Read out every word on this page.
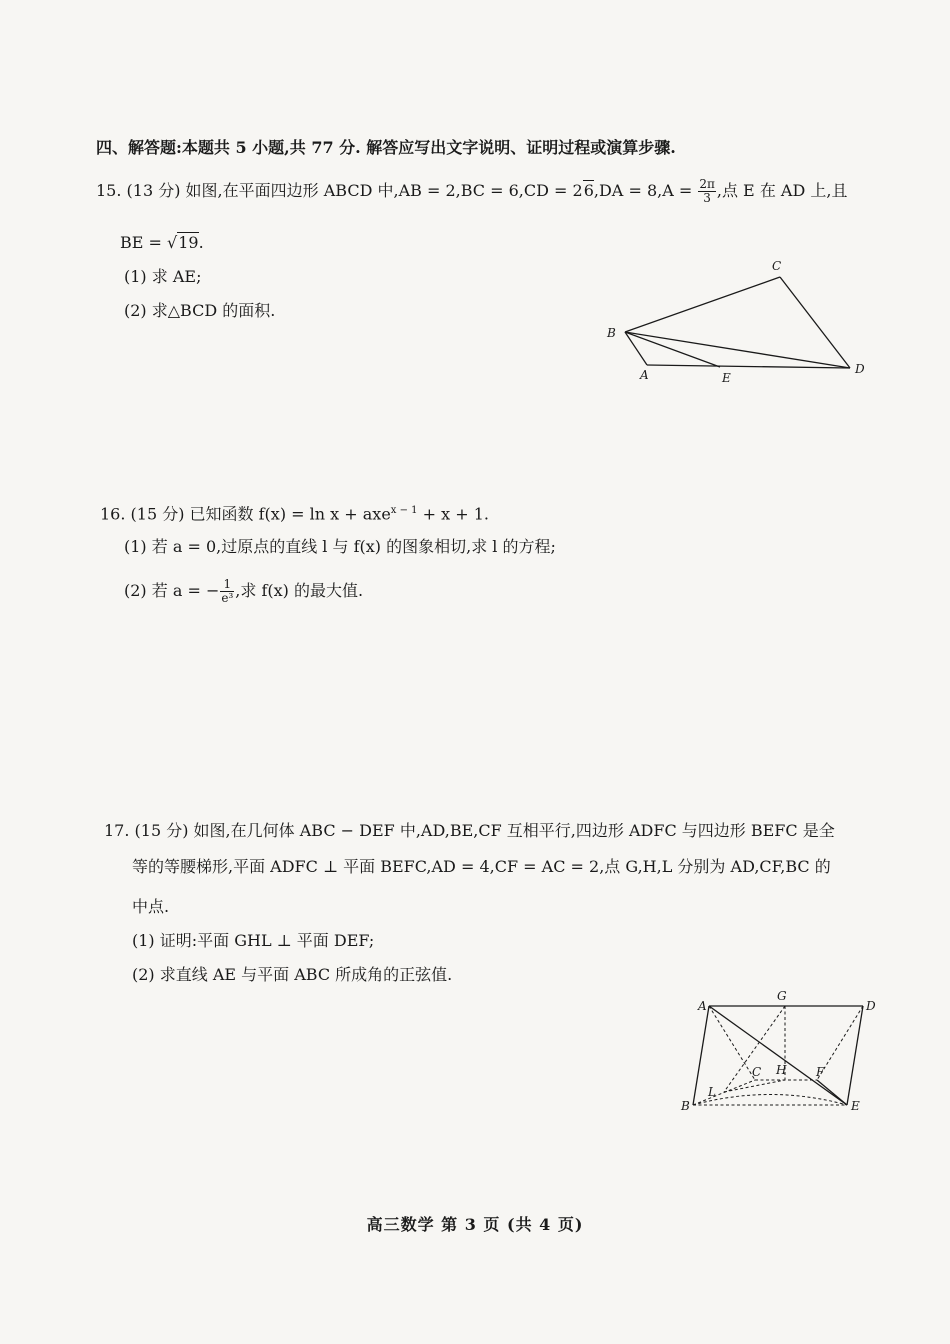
四、解答题:本题共 5 小题,共 77 分. 解答应写出文字说明、证明过程或演算步骤.
15. (13 分) 如图,在平面四边形 ABCD 中$,AB = 2,BC = 6,CD = 26,DA = 8,A = \frac{2\pi}{3}$ ,点 E 在 AD 上,且
BE = √19.
(1) 求 AE;
(2) 求△BCD 的面积.
B
C
A	E
D
16. (15 分) 已知函数 f(x) = ln x + axe$^{x - 1}$ + x + 1.
(1) 若 a = 0,过原点的直线 l 与 f(x) 的图象相切,求 l 的方程;
(2) 若 a = − $\frac{1}{\text{e³}}$ ,求 f(x) 的最大值.
17. (15 分) 如图,在几何体 ABC − DEF 中,AD,BE,CF 互相平行,四边形 ADFC 与四边形 BEFC 是全
等的等腰梯形,平面 ADFC ⊥ 平面 BEFC,AD = 4,CF = AC = 2,点 G,H,L 分别为 AD,CF,BC 的
中点.
(1) 证明:平面 GHL ⊥ 平面 DEF;
(2) 求直线 AE 与平面 ABC 所成角的正弦值.
A
G
D
C H F
L
B	E
高三数学 第 3 页 (共 4 页)
